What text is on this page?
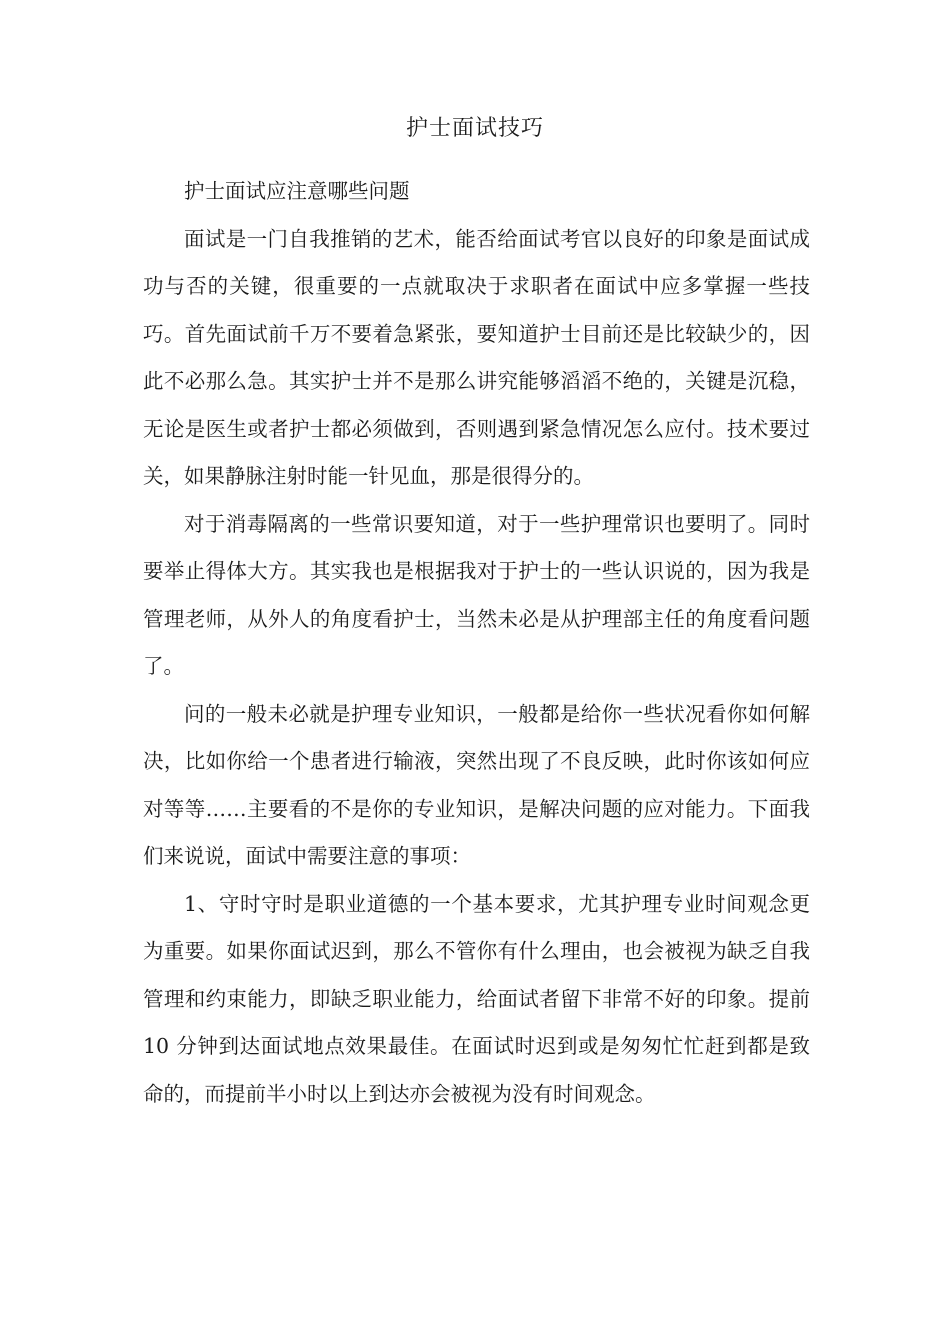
护士面试技巧

护士面试应注意哪些问题

面试是一门自我推销的艺术，能否给面试考官以良好的印象是面试成功与否的关键，很重要的一点就取决于求职者在面试中应多掌握一些技巧。首先面试前千万不要着急紧张，要知道护士目前还是比较缺少的，因此不必那么急。其实护士并不是那么讲究能够滔滔不绝的，关键是沉稳，无论是医生或者护士都必须做到，否则遇到紧急情况怎么应付。技术要过关，如果静脉注射时能一针见血，那是很得分的。

对于消毒隔离的一些常识要知道，对于一些护理常识也要明了。同时要举止得体大方。其实我也是根据我对于护士的一些认识说的，因为我是管理老师，从外人的角度看护士，当然未必是从护理部主任的角度看问题了。

问的一般未必就是护理专业知识，一般都是给你一些状况看你如何解决，比如你给一个患者进行输液，突然出现了不良反映，此时你该如何应对等等……主要看的不是你的专业知识，是解决问题的应对能力。下面我们来说说，面试中需要注意的事项：

1、守时守时是职业道德的一个基本要求，尤其护理专业时间观念更为重要。如果你面试迟到，那么不管你有什么理由，也会被视为缺乏自我管理和约束能力，即缺乏职业能力，给面试者留下非常不好的印象。提前 10 分钟到达面试地点效果最佳。在面试时迟到或是匆匆忙忙赶到都是致命的，而提前半小时以上到达亦会被视为没有时间观念。
